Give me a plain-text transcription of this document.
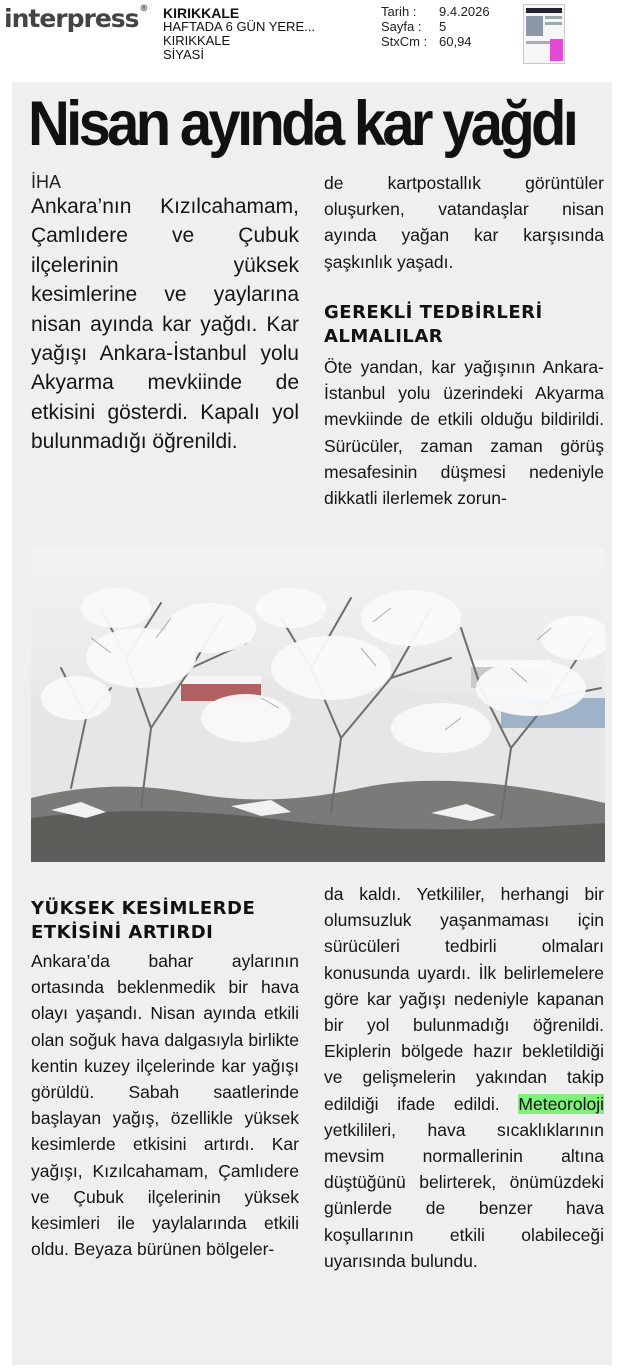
interpress® KIRIKKALE
HAFTADA 6 GÜN YERE...
KIRIKKALE
SİYASİ
Tarih : 9.4.2026
Sayfa : 5
StxCm : 60,94
Nisan ayında kar yağdı

İHA

Ankara’nın Kızılcahamam, Çamlıdere ve Çubuk ilçelerinin yüksek kesimlerine ve yaylarına nisan ayında kar yağdı. Kar yağışı Ankara-İstanbul yolu Akyarma mevkiinde de etkisini gösterdi. Kapalı yol bulunmadığı öğrenildi.

de kartpostallık görüntüler oluşurken, vatandaşlar nisan ayında yağan kar karşısında şaşkınlık yaşadı.

GEREKLİ TEDBİRLERİ ALMALILAR

Öte yandan, kar yağışının Ankara-İstanbul yolu üzerindeki Akyarma mevkiinde de etkili olduğu bildirildi. Sürücüler, zaman zaman görüş mesafesinin düşmesi nedeniyle dikkatli ilerlemek zorun-

YÜKSEK KESİMLERDE ETKİSİNİ ARTIRDI

Ankara’da bahar aylarının ortasında beklenmedik bir hava olayı yaşandı. Nisan ayında etkili olan soğuk hava dalgasıyla birlikte kentin kuzey ilçelerinde kar yağışı görüldü. Sabah saatlerinde başlayan yağış, özellikle yüksek kesimlerde etkisini artırdı. Kar yağışı, Kızılcahamam, Çamlıdere ve Çubuk ilçelerinin yüksek kesimleri ile yaylalarında etkili oldu. Beyaza bürünen bölgeler-

da kaldı. Yetkililer, herhangi bir olumsuzluk yaşanmaması için sürücüleri tedbirli olmaları konusunda uyardı. İlk belirlemelere göre kar yağışı nedeniyle kapanan bir yol bulunmadığı öğrenildi. Ekiplerin bölgede hazır bekletildiği ve gelişmelerin yakından takip edildiği ifade edildi. Meteoroloji yetkilileri, hava sıcaklıklarının mevsim normallerinin altına düştüğünü belirterek, önümüzdeki günlerde de benzer hava koşullarının etkili olabileceği uyarısında bulundu.
